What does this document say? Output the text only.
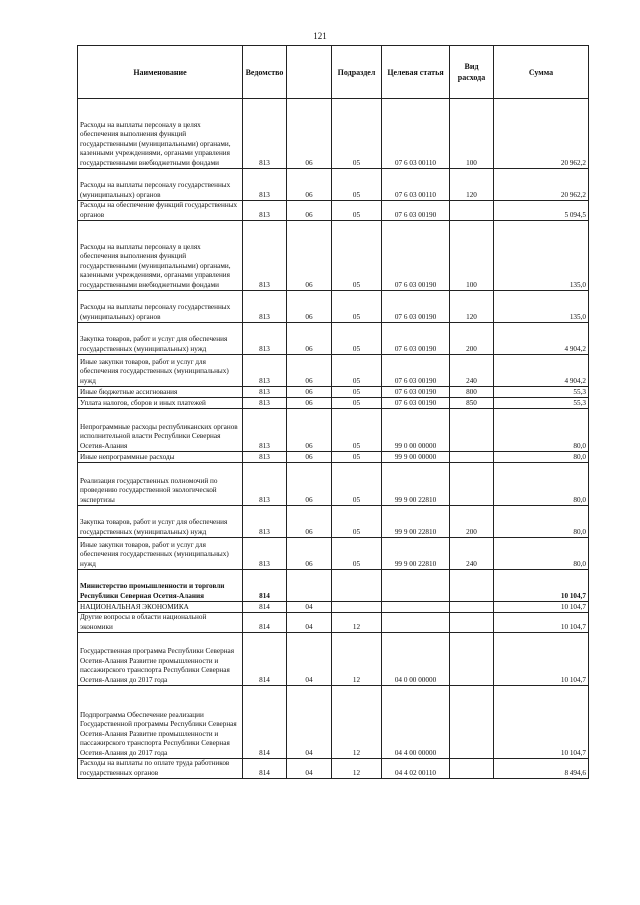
121
Наименование	Ведомство		Подраздел	Целевая статья	Вид расхода	Сумма
Расходы на выплаты персоналу в целях обеспечения выполнения функций государственными (муниципальными) органами, казенными учреждениями, органами управления государственными внебюджетными фондами	813	06	05	07 6 03 00110	100	20 962,2
Расходы на выплаты персоналу государственных (муниципальных) органов	813	06	05	07 6 03 00110	120	20 962,2
Расходы на обеспечение функций государственных органов	813	06	05	07 6 03 00190		5 094,5
Расходы на выплаты персоналу в целях обеспечения выполнения функций государственными (муниципальными) органами, казенными учреждениями, органами управления государственными внебюджетными фондами	813	06	05	07 6 03 00190	100	135,0
Расходы на выплаты персоналу государственных (муниципальных) органов	813	06	05	07 6 03 00190	120	135,0
Закупка товаров, работ и услуг для обеспечения государственных (муниципальных) нужд	813	06	05	07 6 03 00190	200	4 904,2
Иные закупки товаров, работ и услуг для обеспечения государственных (муниципальных) нужд	813	06	05	07 6 03 00190	240	4 904,2
Иные бюджетные ассигнования	813	06	05	07 6 03 00190	800	55,3
Уплата налогов, сборов и иных платежей	813	06	05	07 6 03 00190	850	55,3
Непрограммные расходы республиканских органов исполнительной власти Республики Северная Осетия-Алания	813	06	05	99 0 00 00000		80,0
Иные непрограммные расходы	813	06	05	99 9 00 00000		80,0
Реализация государственных полномочий по проведению государственной экологической экспертизы	813	06	05	99 9 00 22810		80,0
Закупка товаров, работ и услуг для обеспечения государственных (муниципальных) нужд	813	06	05	99 9 00 22810	200	80,0
Иные закупки товаров, работ и услуг для обеспечения государственных (муниципальных) нужд	813	06	05	99 9 00 22810	240	80,0
Министерство промышленности и торговли Республики Северная Осетия-Алания	814					10 104,7
НАЦИОНАЛЬНАЯ ЭКОНОМИКА	814	04				10 104,7
Другие вопросы в области национальной экономики	814	04	12			10 104,7
Государственная программа Республики Северная Осетия-Алания Развитие промышленности и пассажирского транспорта Республики Северная Осетия-Алания до 2017 года	814	04	12	04 0 00 00000		10 104,7
Подпрограмма Обеспечение реализации Государственной программы Республики Северная Осетия-Алания Развитие промышленности и пассажирского транспорта Республики Северная Осетия-Алания до 2017 года	814	04	12	04 4 00 00000		10 104,7
Расходы на выплаты по оплате труда работников государственных органов	814	04	12	04 4 02 00110		8 494,6
